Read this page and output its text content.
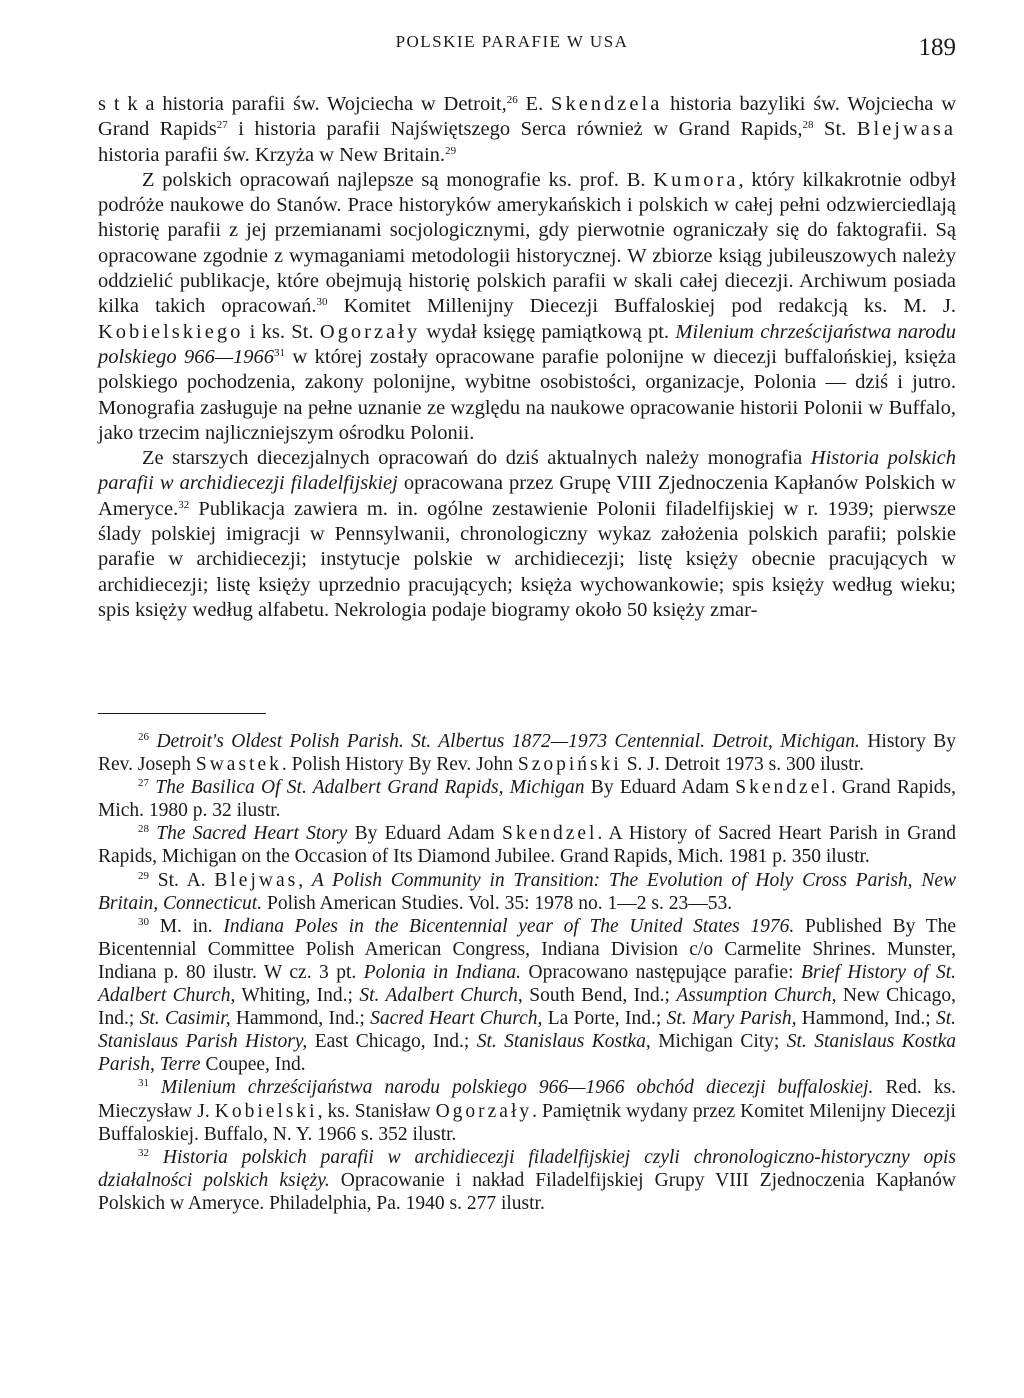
POLSKIE PARAFIE W USA	189

s t k a historia parafii św. Wojciecha w Detroit,$^{26}$ E. Skendzela historia bazyliki św. Wojciecha w Grand Rapids$^{27}$ i historia parafii Najświętszego Serca również w Grand Rapids,$^{28}$ St. Blejwasa historia parafii św. Krzyża w New Britain.$^{29}$

Z polskich opracowań najlepsze są monografie ks. prof. B. Kumora, który kilkakrotnie odbył podróże naukowe do Stanów. Prace historyków amerykańskich i polskich w całej pełni odzwierciedlają historię parafii z jej przemianami socjologicznymi, gdy pierwotnie ograniczały się do faktografii. Są opracowane zgodnie z wymaganiami metodologii historycznej. W zbiorze ksiąg jubileuszowych należy oddzielić publikacje, które obejmują historię polskich parafii w skali całej diecezji. Archiwum posiada kilka takich opracowań.$^{30}$ Komitet Millenijny Diecezji Buffaloskiej pod redakcją ks. M. J. Kobielskiego i ks. St. Ogorzały wydał księgę pamiątkową pt. Milenium chrześcijaństwa narodu polskiego 966—1966$^{31}$ w której zostały opracowane parafie polonijne w diecezji buffalońskiej, księża polskiego pochodzenia, zakony polonijne, wybitne osobistości, organizacje, Polonia — dziś i jutro. Monografia zasługuje na pełne uznanie ze względu na naukowe opracowanie historii Polonii w Buffalo, jako trzecim najliczniejszym ośrodku Polonii.

Ze starszych diecezjalnych opracowań do dziś aktualnych należy monografia Historia polskich parafii w archidiecezji filadelfijskiej opracowana przez Grupę VIII Zjednoczenia Kapłanów Polskich w Ameryce.$^{32}$ Publikacja zawiera m. in. ogólne zestawienie Polonii filadelfijskiej w r. 1939; pierwsze ślady polskiej imigracji w Pennsylwanii, chronologiczny wykaz założenia polskich parafii; polskie parafie w archidiecezji; instytucje polskie w archidiecezji; listę księży obecnie pracujących w archidiecezji; listę księży uprzednio pracujących; księża wychowankowie; spis księży według wieku; spis księży według alfabetu. Nekrologia podaje biogramy około 50 księży zmar-

$^{26}$ Detroit's Oldest Polish Parish. St. Albertus 1872—1973 Centennial. Detroit, Michigan. History By Rev. Joseph Swastek. Polish History By Rev. John Szopiński S. J. Detroit 1973 s. 300 ilustr.

$^{27}$ The Basilica Of St. Adalbert Grand Rapids, Michigan By Eduard Adam Skendzel. Grand Rapids, Mich. 1980 p. 32 ilustr.

$^{28}$ The Sacred Heart Story By Eduard Adam Skendzel. A History of Sacred Heart Parish in Grand Rapids, Michigan on the Occasion of Its Diamond Jubilee. Grand Rapids, Mich. 1981 p. 350 ilustr.

$^{29}$ St. A. Blejwas, A Polish Community in Transition: The Evolution of Holy Cross Parish, New Britain, Connecticut. Polish American Studies. Vol. 35: 1978 no. 1—2 s. 23—53.

$^{30}$ M. in. Indiana Poles in the Bicentennial year of The United States 1976. Published By The Bicentennial Committee Polish American Congress, Indiana Division c/o Carmelite Shrines. Munster, Indiana p. 80 ilustr. W cz. 3 pt. Polonia in Indiana. Opracowano następujące parafie: Brief History of St. Adalbert Church, Whiting, Ind.; St. Adalbert Church, South Bend, Ind.; Assumption Church, New Chicago, Ind.; St. Casimir, Hammond, Ind.; Sacred Heart Church, La Porte, Ind.; St. Mary Parish, Hammond, Ind.; St. Stanislaus Parish History, East Chicago, Ind.; St. Stanislaus Kostka, Michigan City; St. Stanislaus Kostka Parish, Terre Coupee, Ind.

$^{31}$ Milenium chrześcijaństwa narodu polskiego 966—1966 obchód diecezji buffaloskiej. Red. ks. Mieczysław J. Kobielski, ks. Stanisław Ogorzały. Pamiętnik wydany przez Komitet Milenijny Diecezji Buffaloskiej. Buffalo, N. Y. 1966 s. 352 ilustr.

$^{32}$ Historia polskich parafii w archidiecezji filadelfijskiej czyli chronologiczno-historyczny opis działalności polskich księży. Opracowanie i nakład Filadelfijskiej Grupy VIII Zjednoczenia Kapłanów Polskich w Ameryce. Philadelphia, Pa. 1940 s. 277 ilustr.
